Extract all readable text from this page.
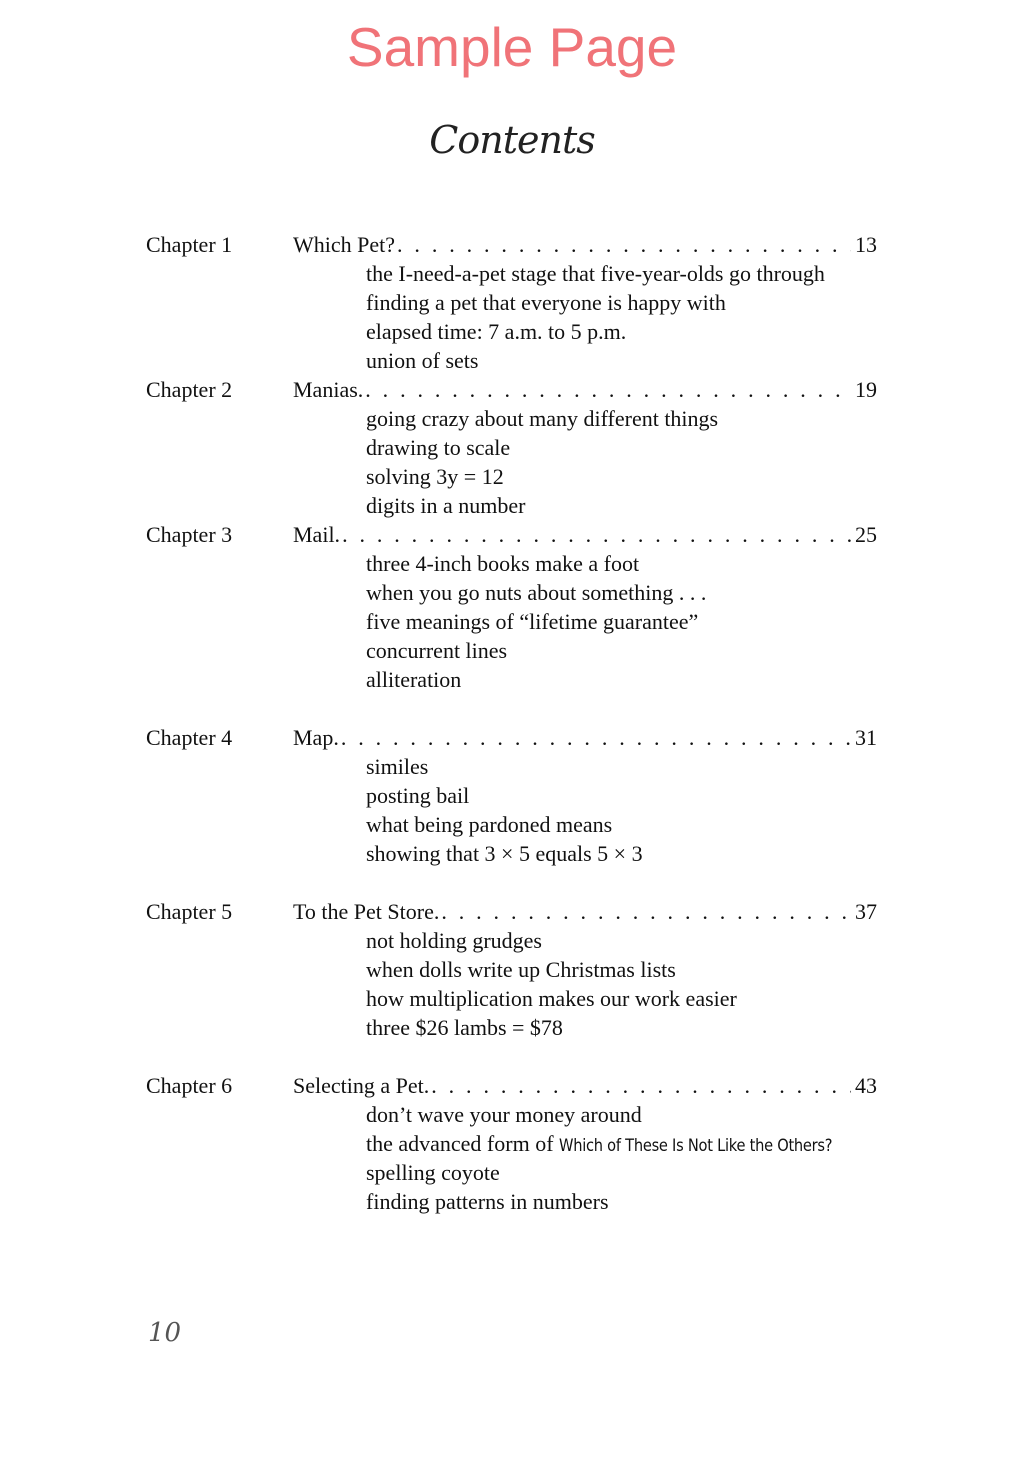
Sample Page
Contents
Chapter 1	Which Pet? . . .	13
the I-need-a-pet stage that five-year-olds go through
finding a pet that everyone is happy with
elapsed time: 7 a.m. to 5 p.m.
union of sets
Chapter 2	Manias. . . .	19
going crazy about many different things
drawing to scale
solving 3y = 12
digits in a number
Chapter 3	Mail. . . .	25
three 4-inch books make a foot
when you go nuts about something . . .
five meanings of “lifetime guarantee”
concurrent lines
alliteration
Chapter 4	Map. . . .	31
similes
posting bail
what being pardoned means
showing that 3 × 5 equals 5 × 3
Chapter 5	To the Pet Store. . . .	37
not holding grudges
when dolls write up Christmas lists
how multiplication makes our work easier
three $26 lambs = $78
Chapter 6	Selecting a Pet. . . .	43
don’t wave your money around
the advanced form of Which of These Is Not Like the Others?
spelling coyote
finding patterns in numbers
10
